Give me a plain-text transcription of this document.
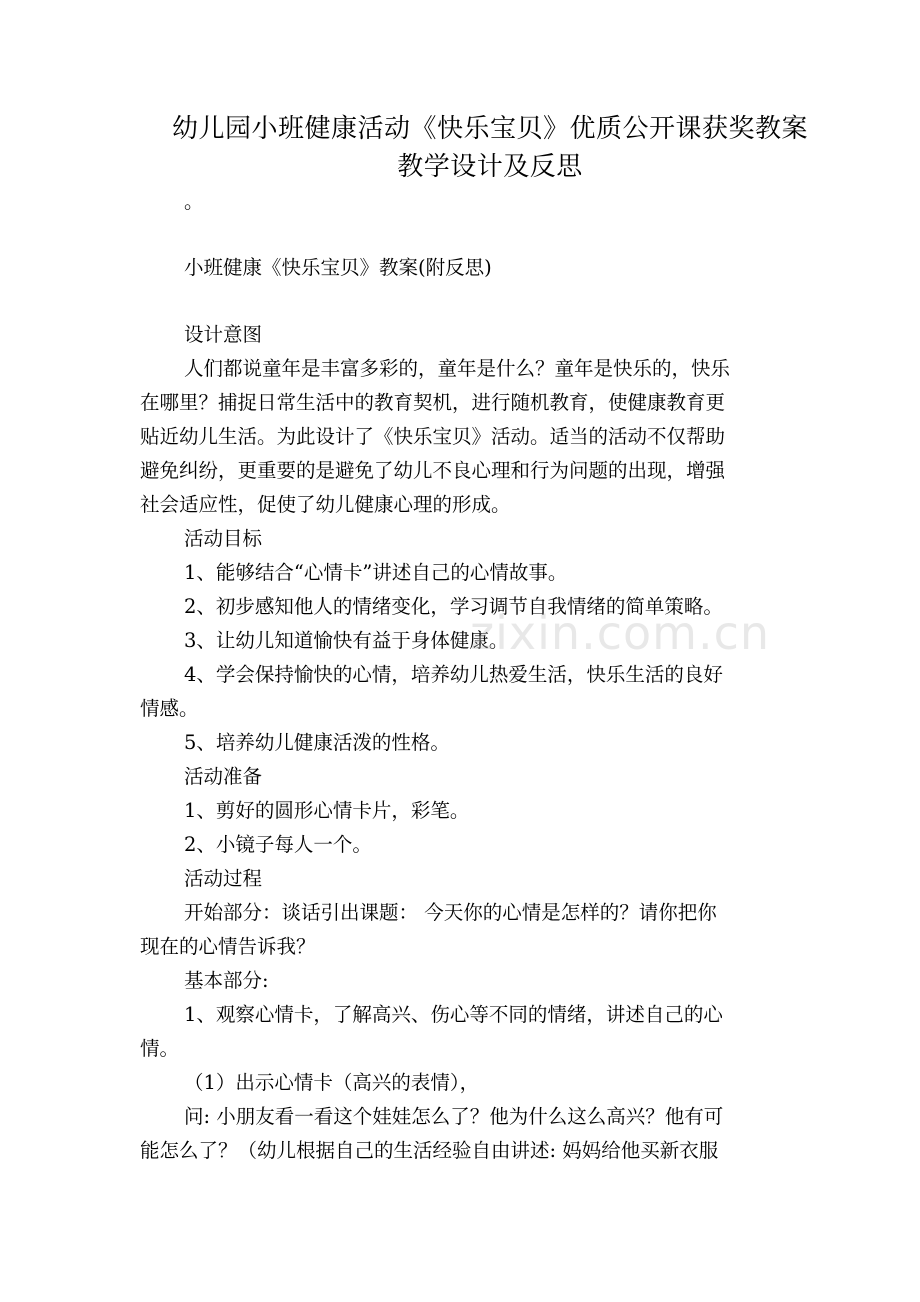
幼儿园小班健康活动《快乐宝贝》优质公开课获奖教案
教学设计及反思
。
小班健康《快乐宝贝》教案(附反思)
设计意图
人们都说童年是丰富多彩的，童年是什么？童年是快乐的，快乐
在哪里？捕捉日常生活中的教育契机，进行随机教育，使健康教育更
贴近幼儿生活。为此设计了《快乐宝贝》活动。适当的活动不仅帮助
避免纠纷，更重要的是避免了幼儿不良心理和行为问题的出现，增强
社会适应性，促使了幼儿健康心理的形成。
活动目标
1、能够结合“心情卡”讲述自己的心情故事。
2、初步感知他人的情绪变化，学习调节自我情绪的简单策略。
3、让幼儿知道愉快有益于身体健康。
4、学会保持愉快的心情，培养幼儿热爱生活，快乐生活的良好
情感。
5、培养幼儿健康活泼的性格。
活动准备
1、剪好的圆形心情卡片，彩笔。
2、小镜子每人一个。
活动过程
开始部分：谈话引出课题： 今天你的心情是怎样的？请你把你
现在的心情告诉我？
基本部分:
1、观察心情卡，了解高兴、伤心等不同的情绪，讲述自己的心
情。
（1）出示心情卡（高兴的表情），
问: 小朋友看一看这个娃娃怎么了？他为什么这么高兴？他有可
能怎么了？（幼儿根据自己的生活经验自由讲述: 妈妈给他买新衣服
zixin.com.cn
